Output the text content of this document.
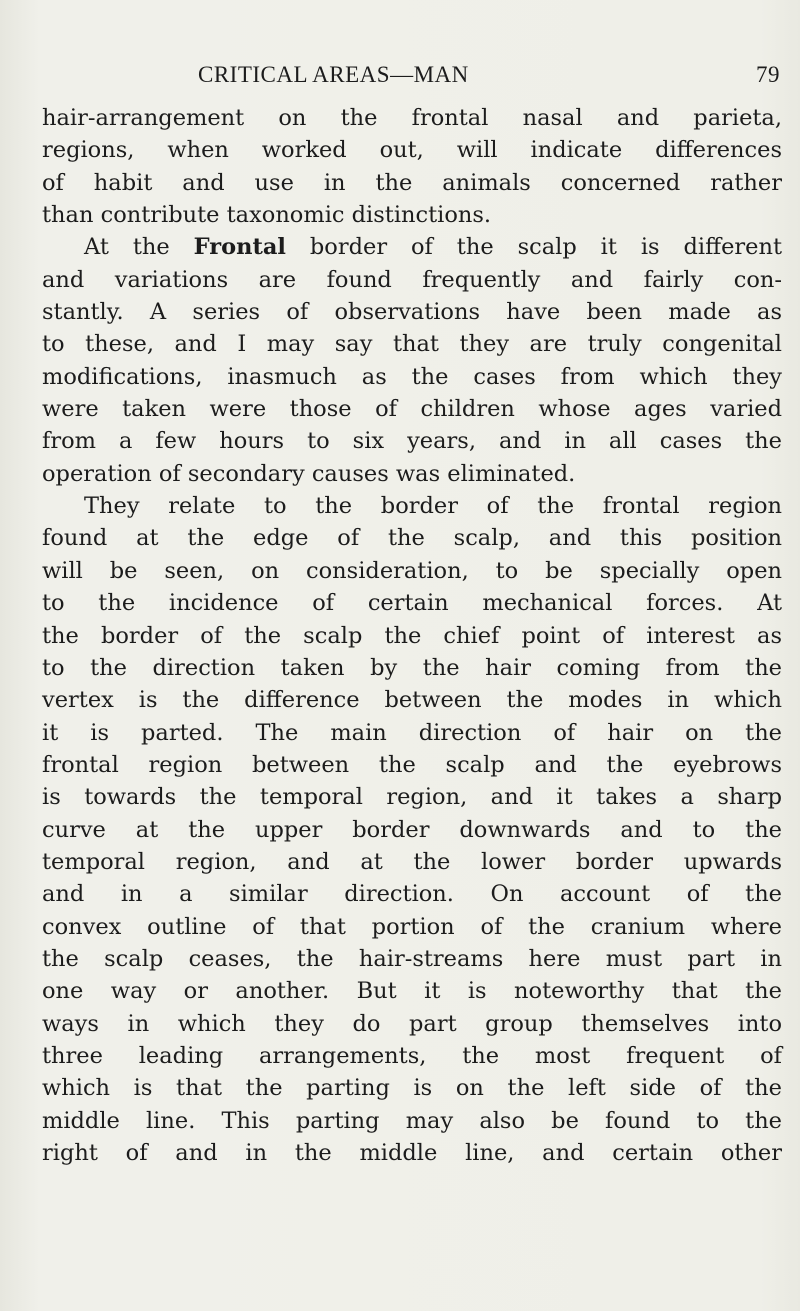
CRITICAL AREAS—MAN	79
hair-arrangement on the frontal nasal and parieta,
regions, when worked out, will indicate differences
of habit and use in the animals concerned rather
than contribute taxonomic distinctions.
At the Frontal border of the scalp it is different
and variations are found frequently and fairly con-
stantly. A series of observations have been made as
to these, and I may say that they are truly congenital
modifications, inasmuch as the cases from which they
were taken were those of children whose ages varied
from a few hours to six years, and in all cases the
operation of secondary causes was eliminated.
They relate to the border of the frontal region
found at the edge of the scalp, and this position
will be seen, on consideration, to be specially open
to the incidence of certain mechanical forces. At
the border of the scalp the chief point of interest as
to the direction taken by the hair coming from the
vertex is the difference between the modes in which
it is parted. The main direction of hair on the
frontal region between the scalp and the eyebrows
is towards the temporal region, and it takes a sharp
curve at the upper border downwards and to the
temporal region, and at the lower border upwards
and in a similar direction. On account of the
convex outline of that portion of the cranium where
the scalp ceases, the hair-streams here must part in
one way or another. But it is noteworthy that the
ways in which they do part group themselves into
three leading arrangements, the most frequent of
which is that the parting is on the left side of the
middle line. This parting may also be found to the
right of and in the middle line, and certain other
